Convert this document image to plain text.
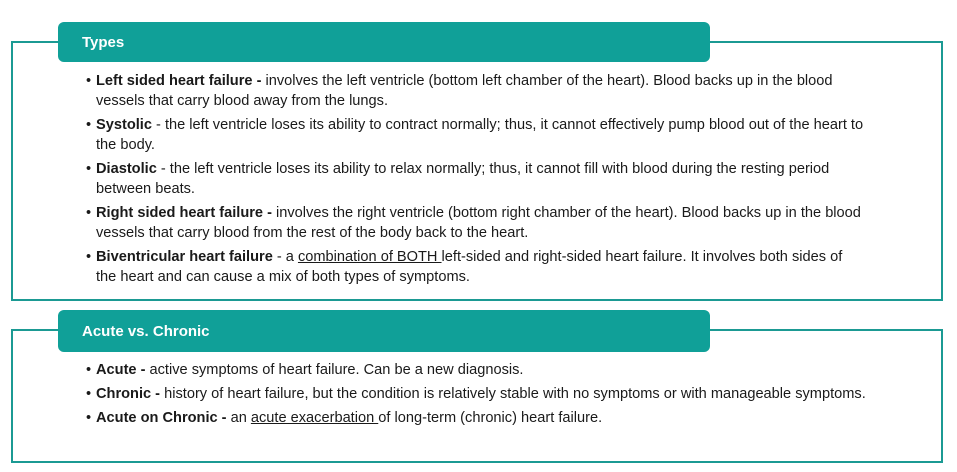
Types
• Left sided heart failure - involves the left ventricle (bottom left chamber of the heart). Blood backs up in the blood vessels that carry blood away from the lungs.
• Systolic - the left ventricle loses its ability to contract normally; thus, it cannot effectively pump blood out of the heart to the body.
• Diastolic - the left ventricle loses its ability to relax normally; thus, it cannot fill with blood during the resting period between beats.
• Right sided heart failure - involves the right ventricle (bottom right chamber of the heart). Blood backs up in the blood vessels that carry blood from the rest of the body back to the heart.
• Biventricular heart failure - a combination of BOTH left-sided and right-sided heart failure. It involves both sides of the heart and can cause a mix of both types of symptoms.
Acute vs. Chronic
• Acute - active symptoms of heart failure. Can be a new diagnosis.
• Chronic - history of heart failure, but the condition is relatively stable with no symptoms or with manageable symptoms.
• Acute on Chronic - an acute exacerbation of long-term (chronic) heart failure.
